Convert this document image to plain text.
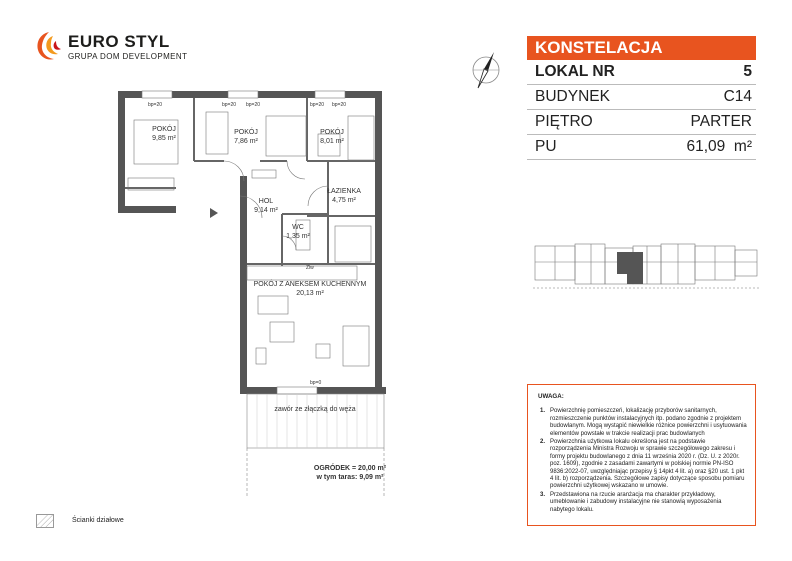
EURO STYL
GRUPA DOM DEVELOPMENT	KONSTELACJA
LOKAL NR	5
BUDYNEK	C14
PIĘTRO	PARTER
PU	61,09 m²
bp=20	bp=20 bp=20	bp=20 bp=20
bp=0
Zlw
POKÓJ
9,85 m²
POKÓJ
7,86 m²
POKÓJ
8,01 m²
ŁAZIENKA
4,75 m²
HOL
9,14 m²
WC
1,35 m²
POKÓJ Z ANEKSEM KUCHENNYM
20,13 m²
zawór ze złączką do węża
OGRÓDEK = 20,00 m²
w tym taras: 9,09 m²
UWAGA:
1. Powierzchnię pomieszczeń, lokalizację przyborów sanitarnych, rozmieszczenie punktów instalacyjnych itp. podano zgodnie z projektem budowlanym. Mogą wystąpić niewielkie różnice powierzchni i usytuowania elementów powstałe w trakcie realizacji prac budowlanych
2. Powierzchnia użytkowa lokalu określona jest na podstawie rozporządzenia Ministra Rozwoju w sprawie szczegółowego zakresu i formy projektu budowlanego z dnia 11 września 2020 r. (Dz. U. z 2020r. poz. 1609), zgodnie z zasadami zawartymi w polskiej normie PN-ISO 9836:2022-07, uwzględniając przepisy § 14pkt 4 lit. a) oraz §20 ust. 1 pkt 4 lit. b) rozporządzenia. Szczegółowe zapisy dotyczące sposobu pomiaru powierzchni użytkowej wskazano w umowie.
3. Przedstawiona na rzucie aranżacja ma charakter przykładowy, umeblowanie i zabudowy instalacyjne nie stanowią wyposażenia nabytego lokalu.
Ścianki działowe
